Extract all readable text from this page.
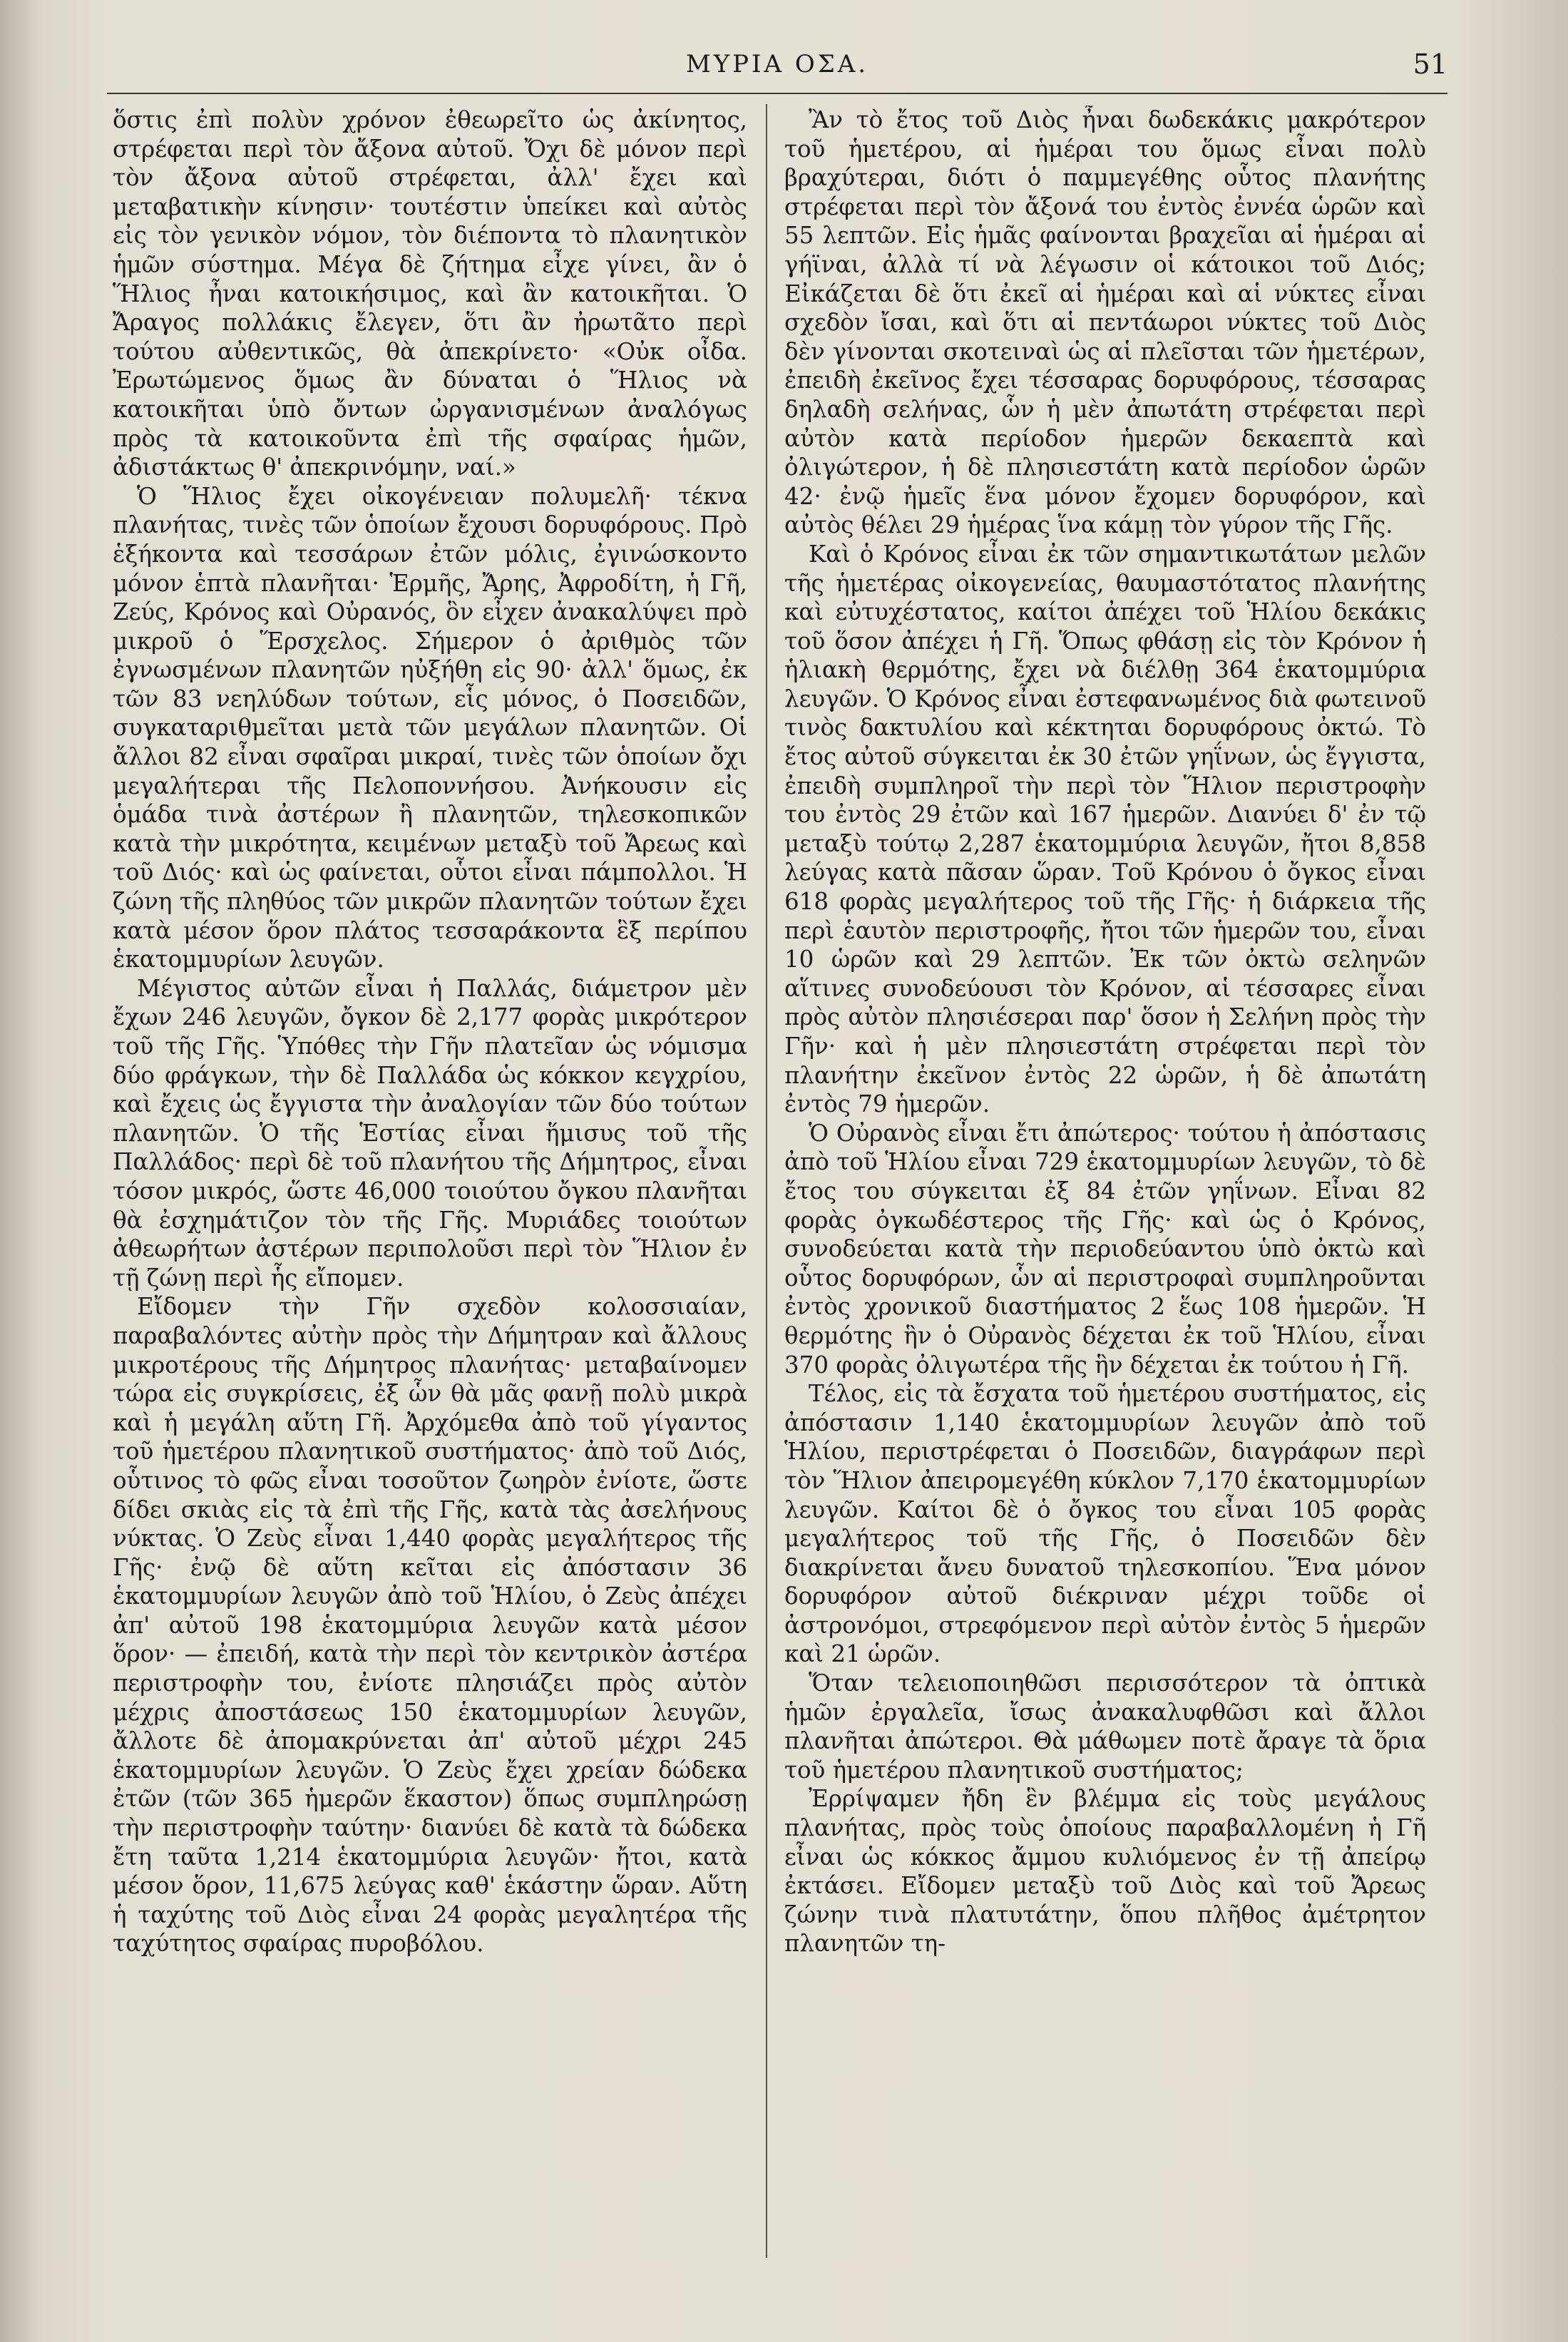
ΜΥΡΙΑ ΟΣΑ.	51

ὅστις ἐπὶ πολὺν χρόνον ἐθεωρεῖτο ὡς ἀκίνητος, στρέφεται περὶ τὸν ἄξονα αὐτοῦ. Ὄχι δὲ μόνον περὶ τὸν ἄξονα αὐτοῦ στρέφεται, ἀλλ' ἔχει καὶ μεταβατικὴν κίνησιν· τουτέστιν ὑπείκει καὶ αὐτὸς εἰς τὸν γενικὸν νόμον, τὸν διέποντα τὸ πλανητικὸν ἡμῶν σύστημα. Μέγα δὲ ζήτημα εἶχε γίνει, ἂν ὁ Ἥλιος ἦναι κατοικήσιμος, καὶ ἂν κατοικῆται. Ὁ Ἄραγος πολλάκις ἔλεγεν, ὅτι ἂν ἠρωτᾶτο περὶ τούτου αὐθεντικῶς, θὰ ἀπεκρίνετο· «Οὐκ οἶδα. Ἐρωτώμενος ὅμως ἂν δύναται ὁ Ἥλιος νὰ κατοικῆται ὑπὸ ὄντων ὠργανισμένων ἀναλόγως πρὸς τὰ κατοικοῦντα ἐπὶ τῆς σφαίρας ἡμῶν, ἀδιστάκτως θ' ἀπεκρινόμην, ναί.»

Ὁ Ἥλιος ἔχει οἰκογένειαν πολυμελῆ· τέκνα πλανήτας, τινὲς τῶν ὁποίων ἔχουσι δορυφόρους. Πρὸ ἑξήκοντα καὶ τεσσάρων ἐτῶν μόλις, ἐγινώσκοντο μόνον ἑπτὰ πλανῆται· Ἑρμῆς, Ἄρης, Ἀφροδίτη, ἡ Γῆ, Ζεύς, Κρόνος καὶ Οὐρανός, ὃν εἶχεν ἀνακαλύψει πρὸ μικροῦ ὁ Ἕρσχελος. Σήμερον ὁ ἀριθμὸς τῶν ἐγνωσμένων πλανητῶν ηὐξήθη εἰς 90· ἀλλ' ὅμως, ἐκ τῶν 83 νεηλύδων τούτων, εἷς μόνος, ὁ Ποσειδῶν, συγκαταριθμεῖται μετὰ τῶν μεγάλων πλανητῶν. Οἱ ἄλλοι 82 εἶναι σφαῖραι μικραί, τινὲς τῶν ὁποίων ὄχι μεγαλήτεραι τῆς Πελοποννήσου. Ἀνήκουσιν εἰς ὁμάδα τινὰ ἀστέρων ἢ πλανητῶν, τηλεσκοπικῶν κατὰ τὴν μικρότητα, κειμένων μεταξὺ τοῦ Ἄρεως καὶ τοῦ Διός· καὶ ὡς φαίνεται, οὗτοι εἶναι πάμπολλοι. Ἡ ζώνη τῆς πληθύος τῶν μικρῶν πλανητῶν τούτων ἔχει κατὰ μέσον ὅρον πλάτος τεσσαράκοντα ἓξ περίπου ἑκατομμυρίων λευγῶν.

Μέγιστος αὐτῶν εἶναι ἡ Παλλάς, διάμετρον μὲν ἔχων 246 λευγῶν, ὄγκον δὲ 2,177 φορὰς μικρότερον τοῦ τῆς Γῆς. Ὑπόθες τὴν Γῆν πλατεῖαν ὡς νόμισμα δύο φράγκων, τὴν δὲ Παλλάδα ὡς κόκκον κεγχρίου, καὶ ἔχεις ὡς ἔγγιστα τὴν ἀναλογίαν τῶν δύο τούτων πλανητῶν. Ὁ τῆς Ἑστίας εἶναι ἥμισυς τοῦ τῆς Παλλάδος· περὶ δὲ τοῦ πλανήτου τῆς Δήμητρος, εἶναι τόσον μικρός, ὥστε 46,000 τοιούτου ὄγκου πλανῆται θὰ ἐσχημάτιζον τὸν τῆς Γῆς. Μυριάδες τοιούτων ἀθεωρήτων ἀστέρων περιπολοῦσι περὶ τὸν Ἥλιον ἐν τῇ ζώνῃ περὶ ἧς εἴπομεν.

Εἴδομεν τὴν Γῆν σχεδὸν κολοσσιαίαν, παραβαλόντες αὐτὴν πρὸς τὴν Δήμητραν καὶ ἄλλους μικροτέρους τῆς Δήμητρος πλανήτας· μεταβαίνομεν τώρα εἰς συγκρίσεις, ἐξ ὧν θὰ μᾶς φανῇ πολὺ μικρὰ καὶ ἡ μεγάλη αὕτη Γῆ. Ἀρχόμεθα ἀπὸ τοῦ γίγαντος τοῦ ἡμετέρου πλανητικοῦ συστήματος· ἀπὸ τοῦ Διός, οὗτινος τὸ φῶς εἶναι τοσοῦτον ζωηρὸν ἐνίοτε, ὥστε δίδει σκιὰς εἰς τὰ ἐπὶ τῆς Γῆς, κατὰ τὰς ἀσελήνους νύκτας. Ὁ Ζεὺς εἶναι 1,440 φορὰς μεγαλήτερος τῆς Γῆς· ἐνῷ δὲ αὕτη κεῖται εἰς ἀπόστασιν 36 ἑκατομμυρίων λευγῶν ἀπὸ τοῦ Ἡλίου, ὁ Ζεὺς ἀπέχει ἀπ' αὐτοῦ 198 ἑκατομμύρια λευγῶν κατὰ μέσον ὅρον· — ἐπειδή, κατὰ τὴν περὶ τὸν κεντρικὸν ἀστέρα περιστροφὴν του, ἐνίοτε πλησιάζει πρὸς αὐτὸν μέχρις ἀποστάσεως 150 ἑκατομμυρίων λευγῶν, ἄλλοτε δὲ ἀπομακρύνεται ἀπ' αὐτοῦ μέχρι 245 ἑκατομμυρίων λευγῶν. Ὁ Ζεὺς ἔχει χρείαν δώδεκα ἐτῶν (τῶν 365 ἡμερῶν ἕκαστον) ὅπως συμπληρώσῃ τὴν περιστροφὴν ταύτην· διανύει δὲ κατὰ τὰ δώδεκα ἔτη ταῦτα 1,214 ἑκατομμύρια λευγῶν· ἤτοι, κατὰ μέσον ὅρον, 11,675 λεύγας καθ' ἑκάστην ὥραν. Αὕτη ἡ ταχύτης τοῦ Διὸς εἶναι 24 φορὰς μεγαλητέρα τῆς ταχύτητος σφαίρας πυροβόλου.

Ἂν τὸ ἔτος τοῦ Διὸς ἦναι δωδεκάκις μακρότερον τοῦ ἡμετέρου, αἱ ἡμέραι του ὅμως εἶναι πολὺ βραχύτεραι, διότι ὁ παμμεγέθης οὗτος πλανήτης στρέφεται περὶ τὸν ἄξονά του ἐντὸς ἐννέα ὡρῶν καὶ 55 λεπτῶν. Εἰς ἡμᾶς φαίνονται βραχεῖαι αἱ ἡμέραι αἱ γήϊναι, ἀλλὰ τί νὰ λέγωσιν οἱ κάτοικοι τοῦ Διός; Εἰκάζεται δὲ ὅτι ἐκεῖ αἱ ἡμέραι καὶ αἱ νύκτες εἶναι σχεδὸν ἴσαι, καὶ ὅτι αἱ πεντάωροι νύκτες τοῦ Διὸς δὲν γίνονται σκοτειναὶ ὡς αἱ πλεῖσται τῶν ἡμετέρων, ἐπειδὴ ἐκεῖνος ἔχει τέσσαρας δορυφόρους, τέσσαρας δηλαδὴ σελήνας, ὧν ἡ μὲν ἀπωτάτη στρέφεται περὶ αὐτὸν κατὰ περίοδον ἡμερῶν δεκαεπτὰ καὶ ὀλιγώτερον, ἡ δὲ πλησιεστάτη κατὰ περίοδον ὡρῶν 42· ἐνῷ ἡμεῖς ἕνα μόνον ἔχομεν δορυφόρον, καὶ αὐτὸς θέλει 29 ἡμέρας ἵνα κάμῃ τὸν γύρον τῆς Γῆς.

Καὶ ὁ Κρόνος εἶναι ἐκ τῶν σημαντικωτάτων μελῶν τῆς ἡμετέρας οἰκογενείας, θαυμαστότατος πλανήτης καὶ εὐτυχέστατος, καίτοι ἀπέχει τοῦ Ἡλίου δεκάκις τοῦ ὅσον ἀπέχει ἡ Γῆ. Ὅπως φθάσῃ εἰς τὸν Κρόνον ἡ ἡλιακὴ θερμότης, ἔχει νὰ διέλθῃ 364 ἑκατομμύρια λευγῶν. Ὁ Κρόνος εἶναι ἐστεφανωμένος διὰ φωτεινοῦ τινὸς δακτυλίου καὶ κέκτηται δορυφόρους ὀκτώ. Τὸ ἔτος αὐτοῦ σύγκειται ἐκ 30 ἐτῶν γηΐνων, ὡς ἔγγιστα, ἐπειδὴ συμπληροῖ τὴν περὶ τὸν Ἥλιον περιστροφὴν του ἐντὸς 29 ἐτῶν καὶ 167 ἡμερῶν. Διανύει δ' ἐν τῷ μεταξὺ τούτῳ 2,287 ἑκατομμύρια λευγῶν, ἤτοι 8,858 λεύγας κατὰ πᾶσαν ὥραν. Τοῦ Κρόνου ὁ ὄγκος εἶναι 618 φορὰς μεγαλήτερος τοῦ τῆς Γῆς· ἡ διάρκεια τῆς περὶ ἑαυτὸν περιστροφῆς, ἤτοι τῶν ἡμερῶν του, εἶναι 10 ὡρῶν καὶ 29 λεπτῶν. Ἐκ τῶν ὀκτὼ σεληνῶν αἵτινες συνοδεύουσι τὸν Κρόνον, αἱ τέσσαρες εἶναι πρὸς αὐτὸν πλησιέσεραι παρ' ὅσον ἡ Σελήνη πρὸς τὴν Γῆν· καὶ ἡ μὲν πλησιεστάτη στρέφεται περὶ τὸν πλανήτην ἐκεῖνον ἐντὸς 22 ὡρῶν, ἡ δὲ ἀπωτάτη ἐντὸς 79 ἡμερῶν.

Ὁ Οὐρανὸς εἶναι ἔτι ἀπώτερος· τούτου ἡ ἀπόστασις ἀπὸ τοῦ Ἡλίου εἶναι 729 ἑκατομμυρίων λευγῶν, τὸ δὲ ἔτος του σύγκειται ἐξ 84 ἐτῶν γηΐνων. Εἶναι 82 φορὰς ὀγκωδέστερος τῆς Γῆς· καὶ ὡς ὁ Κρόνος, συνοδεύεται κατὰ τὴν περιοδεύαντου ὑπὸ ὀκτὼ καὶ οὗτος δορυφόρων, ὧν αἱ περιστροφαὶ συμπληροῦνται ἐντὸς χρονικοῦ διαστήματος 2 ἕως 108 ἡμερῶν. Ἡ θερμότης ἣν ὁ Οὐρανὸς δέχεται ἐκ τοῦ Ἡλίου, εἶναι 370 φορὰς ὀλιγωτέρα τῆς ἣν δέχεται ἐκ τούτου ἡ Γῆ.

Τέλος, εἰς τὰ ἔσχατα τοῦ ἡμετέρου συστήματος, εἰς ἀπόστασιν 1,140 ἑκατομμυρίων λευγῶν ἀπὸ τοῦ Ἡλίου, περιστρέφεται ὁ Ποσειδῶν, διαγράφων περὶ τὸν Ἥλιον ἀπειρομεγέθη κύκλον 7,170 ἑκατομμυρίων λευγῶν. Καίτοι δὲ ὁ ὄγκος του εἶναι 105 φορὰς μεγαλήτερος τοῦ τῆς Γῆς, ὁ Ποσειδῶν δὲν διακρίνεται ἄνευ δυνατοῦ τηλεσκοπίου. Ἕνα μόνον δορυφόρον αὐτοῦ διέκριναν μέχρι τοῦδε οἱ ἀστρονόμοι, στρεφόμενον περὶ αὐτὸν ἐντὸς 5 ἡμερῶν καὶ 21 ὡρῶν.

Ὅταν τελειοποιηθῶσι περισσότερον τὰ ὀπτικὰ ἡμῶν ἐργαλεῖα, ἴσως ἀνακαλυφθῶσι καὶ ἄλλοι πλανῆται ἀπώτεροι. Θὰ μάθωμεν ποτὲ ἄραγε τὰ ὅρια τοῦ ἡμετέρου πλανητικοῦ συστήματος;

Ἐρρίψαμεν ἤδη ἓν βλέμμα εἰς τοὺς μεγάλους πλανήτας, πρὸς τοὺς ὁποίους παραβαλλομένη ἡ Γῆ εἶναι ὡς κόκκος ἄμμου κυλιόμενος ἐν τῇ ἀπείρῳ ἐκτάσει. Εἴδομεν μεταξὺ τοῦ Διὸς καὶ τοῦ Ἄρεως ζώνην τινὰ πλατυτάτην, ὅπου πλῆθος ἀμέτρητον πλανητῶν τη-
